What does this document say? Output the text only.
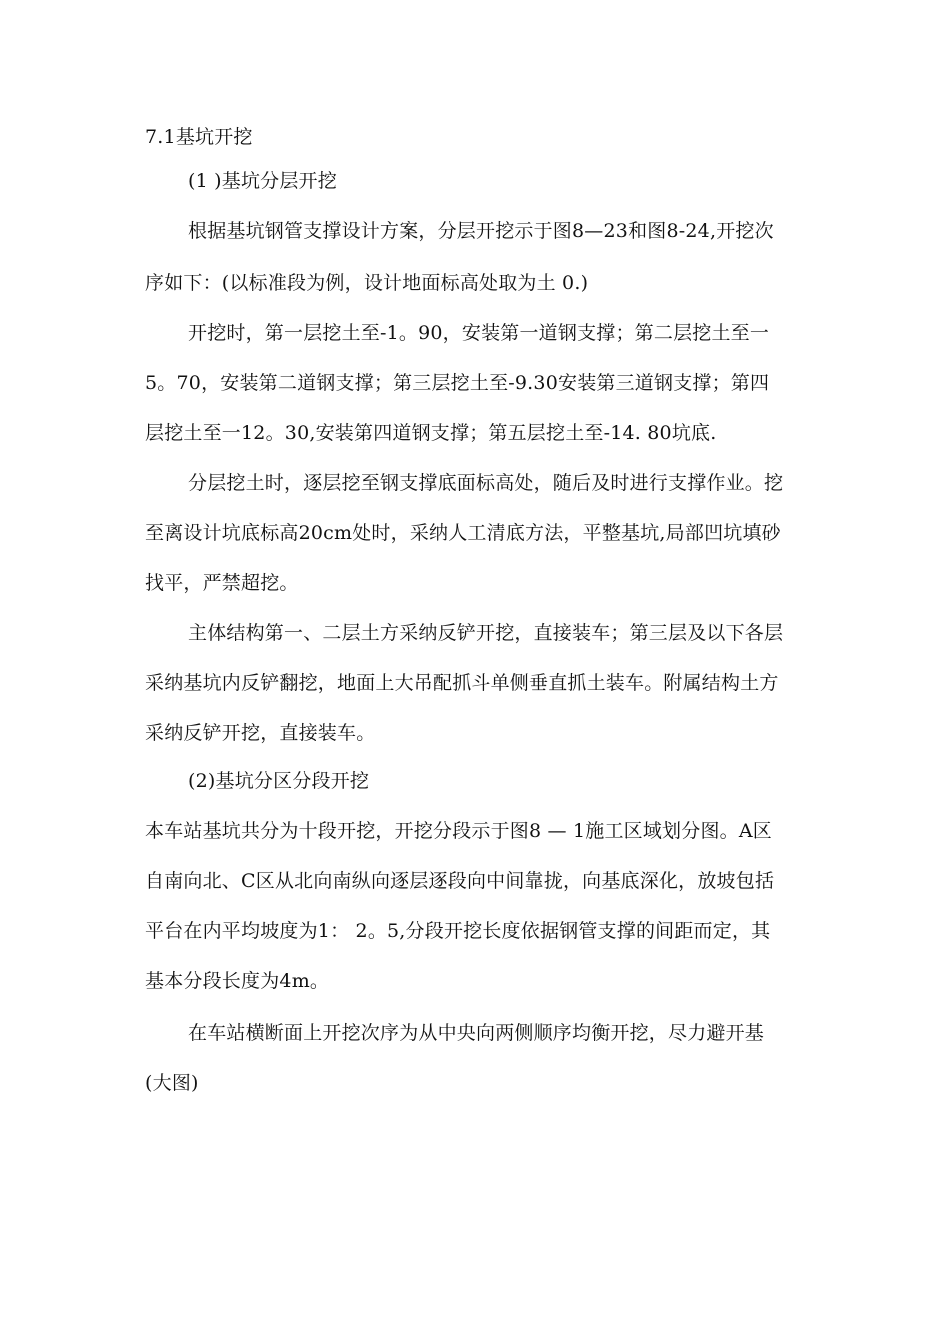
7.1基坑开挖
(1 )基坑分层开挖
根据基坑钢管支撑设计方案，分层开挖示于图8—23和图8-24,开挖次
序如下：(以标准段为例，设计地面标高处取为土 0.)
开挖时，第一层挖土至-1。90，安装第一道钢支撑；第二层挖土至一
5。70，安装第二道钢支撑；第三层挖土至-9.30安装第三道钢支撑；第四
层挖土至一12。30,安装第四道钢支撑；第五层挖土至-14. 80坑底.
分层挖土时，逐层挖至钢支撑底面标高处，随后及时进行支撑作业。挖
至离设计坑底标高20cm处时，采纳人工清底方法，平整基坑,局部凹坑填砂
找平，严禁超挖。
主体结构第一、二层土方采纳反铲开挖，直接装车；第三层及以下各层
采纳基坑内反铲翻挖，地面上大吊配抓斗单侧垂直抓土装车。附属结构土方
采纳反铲开挖，直接装车。
(2)基坑分区分段开挖
本车站基坑共分为十段开挖，开挖分段示于图8 — 1施工区域划分图。A区
自南向北、C区从北向南纵向逐层逐段向中间靠拢，向基底深化，放坡包括
平台在内平均坡度为1： 2。5,分段开挖长度依据钢管支撑的间距而定，其
基本分段长度为4m。
在车站横断面上开挖次序为从中央向两侧顺序均衡开挖，尽力避开基
(大图)
